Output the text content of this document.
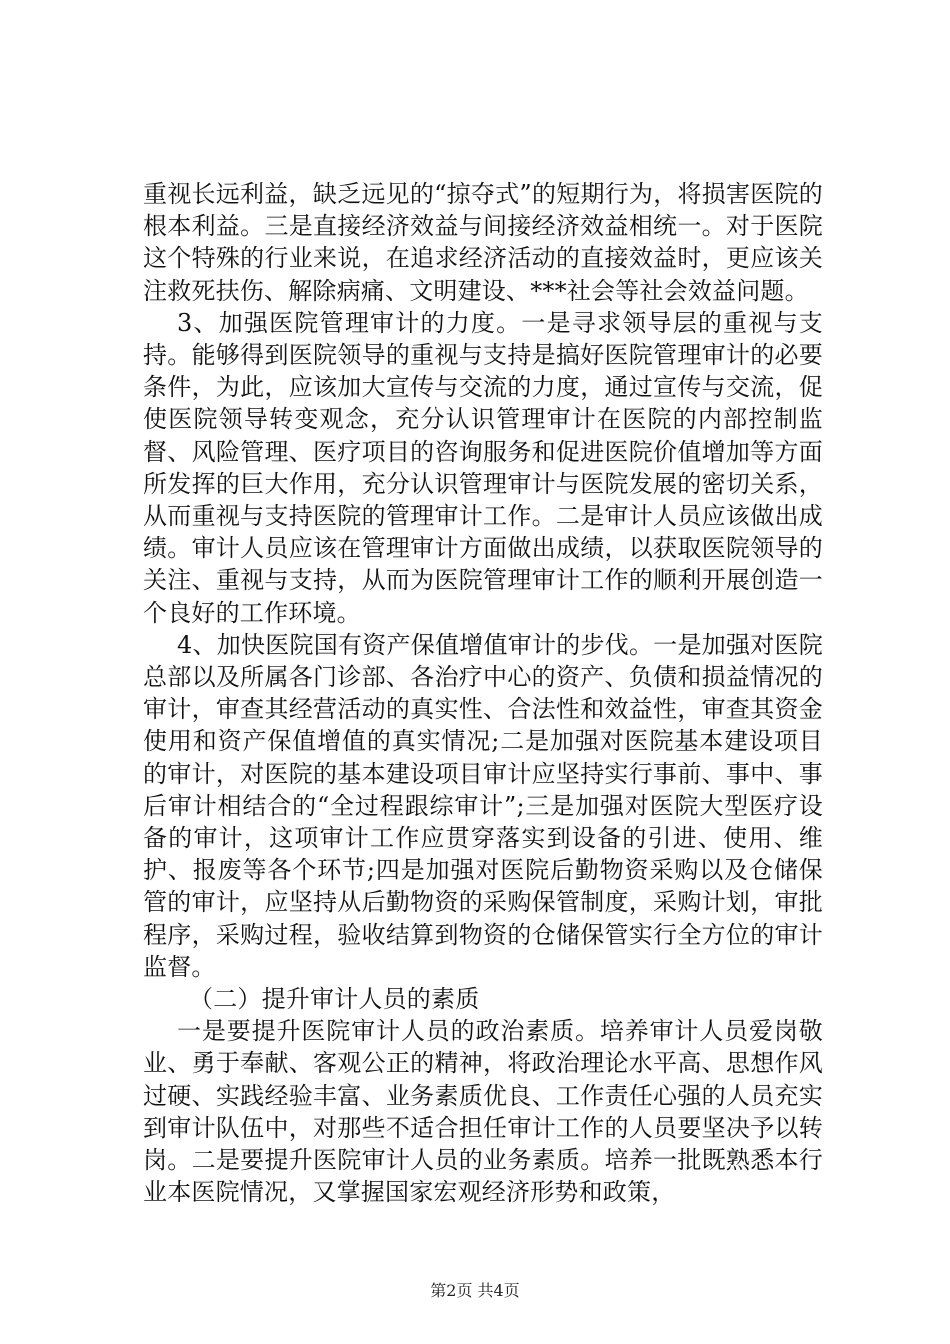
重视长远利益，缺乏远见的“掠夺式”的短期行为，将损害医院的根本利益。三是直接经济效益与间接经济效益相统一。对于医院这个特殊的行业来说，在追求经济活动的直接效益时，更应该关注救死扶伤、解除病痛、文明建设、***社会等社会效益问题。

3、加强医院管理审计的力度。一是寻求领导层的重视与支持。能够得到医院领导的重视与支持是搞好医院管理审计的必要条件，为此，应该加大宣传与交流的力度，通过宣传与交流，促使医院领导转变观念，充分认识管理审计在医院的内部控制监督、风险管理、医疗项目的咨询服务和促进医院价值增加等方面所发挥的巨大作用，充分认识管理审计与医院发展的密切关系，从而重视与支持医院的管理审计工作。二是审计人员应该做出成绩。审计人员应该在管理审计方面做出成绩，以获取医院领导的关注、重视与支持，从而为医院管理审计工作的顺利开展创造一个良好的工作环境。

4、加快医院国有资产保值增值审计的步伐。一是加强对医院总部以及所属各门诊部、各治疗中心的资产、负债和损益情况的审计，审查其经营活动的真实性、合法性和效益性，审查其资金使用和资产保值增值的真实情况;二是加强对医院基本建设项目的审计，对医院的基本建设项目审计应坚持实行事前、事中、事后审计相结合的“全过程跟综审计”;三是加强对医院大型医疗设备的审计，这项审计工作应贯穿落实到设备的引进、使用、维护、报废等各个环节;四是加强对医院后勤物资采购以及仓储保管的审计，应坚持从后勤物资的采购保管制度，采购计划，审批程序，采购过程，验收结算到物资的仓储保管实行全方位的审计监督。

（二）提升审计人员的素质

一是要提升医院审计人员的政治素质。培养审计人员爱岗敬业、勇于奉献、客观公正的精神，将政治理论水平高、思想作风过硬、实践经验丰富、业务素质优良、工作责任心强的人员充实到审计队伍中，对那些不适合担任审计工作的人员要坚决予以转岗。二是要提升医院审计人员的业务素质。培养一批既熟悉本行业本医院情况，又掌握国家宏观经济形势和政策，

第2页 共4页
